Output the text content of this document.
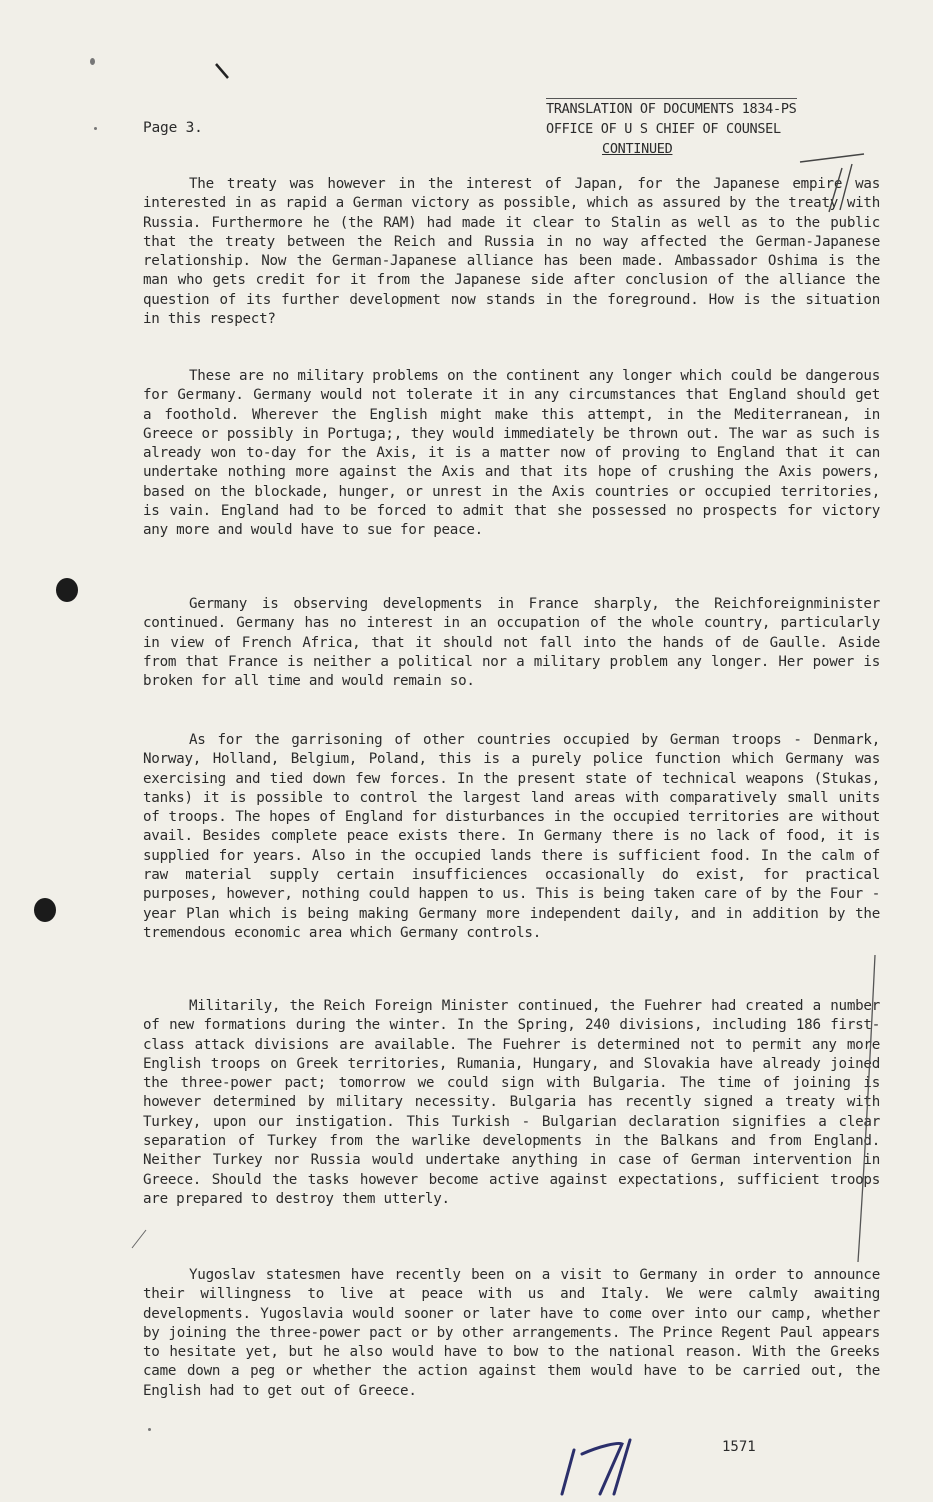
Page 3.
TRANSLATION OF DOCUMENTS 1834-PS
OFFICE OF U S CHIEF OF COUNSEL

CONTINUED

The treaty was however in the interest of Japan, for the Japanese empire was interested in as rapid a German victory as possible, which as assured by the treaty with Russia. Furthermore he (the RAM) had made it clear to Stalin as well as to the public that the treaty between the Reich and Russia in no way affected the German-Japanese relationship. Now the German-Japanese alliance has been made. Ambassador Oshima is the man who gets credit for it from the Japanese side after conclusion of the alliance the question of its further development now stands in the foreground. How is the situation in this respect?

These are no military problems on the continent any longer which could be dangerous for Germany. Germany would not tolerate it in any circumstances that England should get a foothold. Wherever the English might make this attempt, in the Mediterranean, in Greece or possibly in Portuga;, they would immediately be thrown out. The war as such is already won to-day for the Axis, it is a matter now of proving to England that it can undertake nothing more against the Axis and that its hope of crushing the Axis powers, based on the blockade, hunger, or unrest in the Axis countries or occupied territories, is vain. England had to be forced to admit that she possessed no prospects for victory any more and would have to sue for peace.

Germany is observing developments in France sharply, the Reichforeignminister continued. Germany has no interest in an occupation of the whole country, particularly in view of French Africa, that it should not fall into the hands of de Gaulle. Aside from that France is neither a political nor a military problem any longer. Her power is broken for all time and would remain so.

As for the garrisoning of other countries occupied by German troops - Denmark, Norway, Holland, Belgium, Poland, this is a purely police function which Germany was exercising and tied down few forces. In the present state of technical weapons (Stukas, tanks) it is possible to control the largest land areas with comparatively small units of troops. The hopes of England for disturbances in the occupied territories are without avail. Besides complete peace exists there. In Germany there is no lack of food, it is supplied for years. Also in the occupied lands there is sufficient food. In the calm of raw material supply certain insufficiences occasionally do exist, for practical purposes, however, nothing could happen to us. This is being taken care of by the Four - year Plan which is being making Germany more independent daily, and in addition by the tremendous economic area which Germany controls.

Militarily, the Reich Foreign Minister continued, the Fuehrer had created a number of new formations during the winter. In the Spring, 240 divisions, including 186 first-class attack divisions are available. The Fuehrer is determined not to permit any more English troops on Greek territories, Rumania, Hungary, and Slovakia have already joined the three-power pact; tomorrow we could sign with Bulgaria. The time of joining is however determined by military necessity. Bulgaria has recently signed a treaty with Turkey, upon our instigation. This Turkish - Bulgarian declaration signifies a clear separation of Turkey from the warlike developments in the Balkans and from England. Neither Turkey nor Russia would undertake anything in case of German intervention in Greece. Should the tasks however become active against expectations, sufficient troops are prepared to destroy them utterly.

Yugoslav statesmen have recently been on a visit to Germany in order to announce their willingness to live at peace with us and Italy. We were calmly awaiting developments. Yugoslavia would sooner or later have to come over into our camp, whether by joining the three-power pact or by other arrangements. The Prince Regent Paul appears to hesitate yet, but he also would have to bow to the national reason. With the Greeks came down a peg or whether the action against them would have to be carried out, the English had to get out of Greece.

1571
